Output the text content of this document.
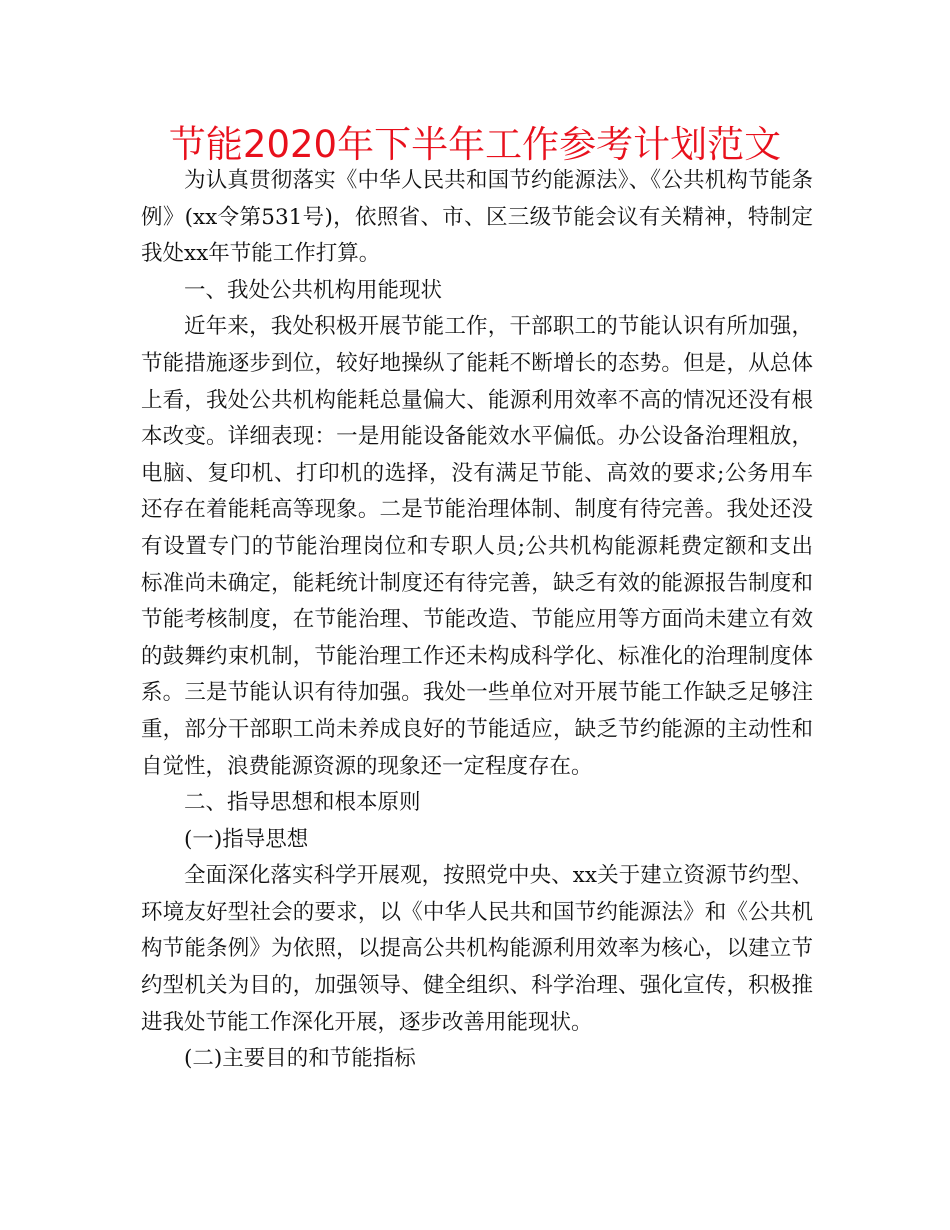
节能2020年下半年工作参考计划范文

为认真贯彻落实《中华人民共和国节约能源法》、《公共机构节能条例》(xx令第531号)，依照省、市、区三级节能会议有关精神，特制定我处xx年节能工作打算。

一、我处公共机构用能现状

近年来，我处积极开展节能工作，干部职工的节能认识有所加强，节能措施逐步到位，较好地操纵了能耗不断增长的态势。但是，从总体上看，我处公共机构能耗总量偏大、能源利用效率不高的情况还没有根本改变。详细表现：一是用能设备能效水平偏低。办公设备治理粗放，电脑、复印机、打印机的选择，没有满足节能、高效的要求;公务用车还存在着能耗高等现象。二是节能治理体制、制度有待完善。我处还没有设置专门的节能治理岗位和专职人员;公共机构能源耗费定额和支出标准尚未确定，能耗统计制度还有待完善，缺乏有效的能源报告制度和节能考核制度，在节能治理、节能改造、节能应用等方面尚未建立有效的鼓舞约束机制，节能治理工作还未构成科学化、标准化的治理制度体系。三是节能认识有待加强。我处一些单位对开展节能工作缺乏足够注重，部分干部职工尚未养成良好的节能适应，缺乏节约能源的主动性和自觉性，浪费能源资源的现象还一定程度存在。

二、指导思想和根本原则

(一)指导思想

全面深化落实科学开展观，按照党中央、xx关于建立资源节约型、环境友好型社会的要求，以《中华人民共和国节约能源法》和《公共机构节能条例》为依照，以提高公共机构能源利用效率为核心，以建立节约型机关为目的，加强领导、健全组织、科学治理、强化宣传，积极推进我处节能工作深化开展，逐步改善用能现状。

(二)主要目的和节能指标
